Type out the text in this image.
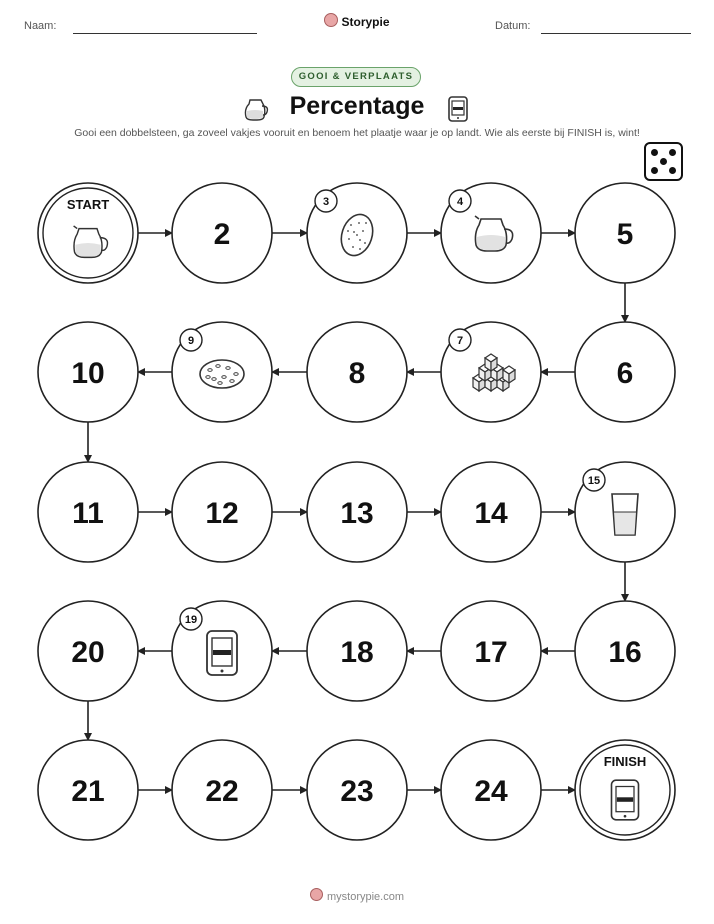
Naam:	Storypie	Datum:
GOOI & VERPLAATS
Percentage
Gooi een dobbelsteen, ga zoveel vakjes vooruit en benoem het plaatje waar je op landt. Wie als eerste bij FINISH is, wint!
START
2
3	4
5
6
7
8
9
10
11	12	13	14
15
16
17
18
19
20
21	22	23	24
FINISH
mystorypie.com
